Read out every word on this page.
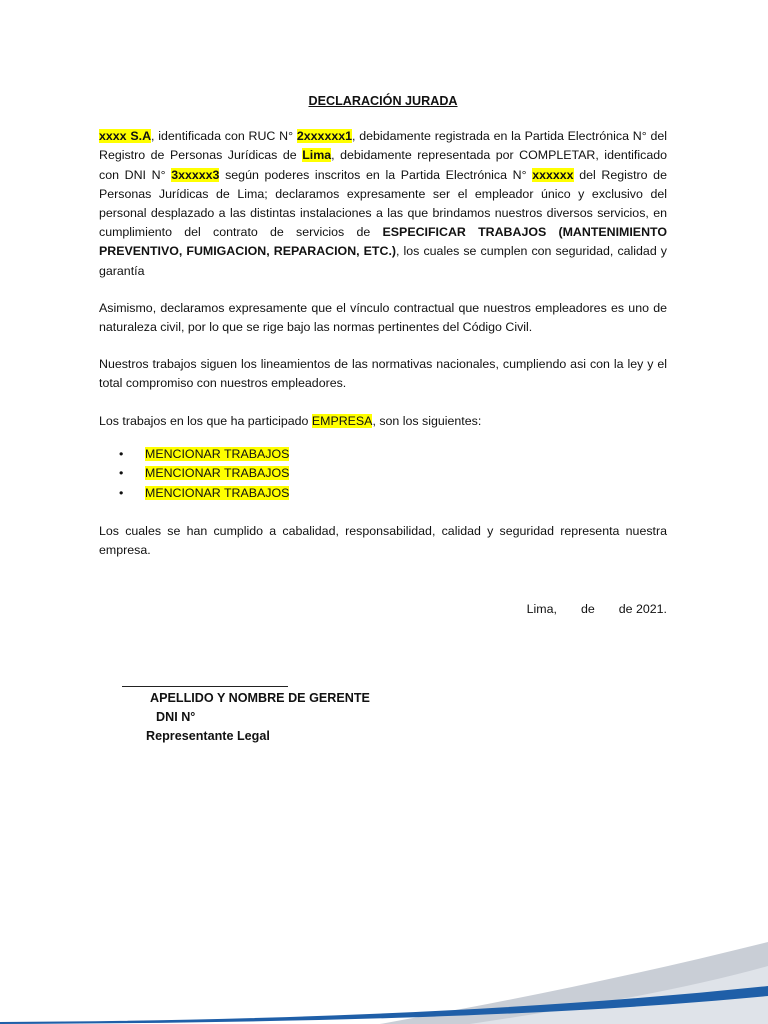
DECLARACIÓN JURADA

xxxx S.A, identificada con RUC N° 2xxxxxx1, debidamente registrada en la Partida Electrónica N° del Registro de Personas Jurídicas de Lima, debidamente representada por COMPLETAR, identificado con DNI N° 3xxxxx3 según poderes inscritos en la Partida Electrónica N° xxxxxx del Registro de Personas Jurídicas de Lima; declaramos expresamente ser el empleador único y exclusivo del personal desplazado a las distintas instalaciones a las que brindamos nuestros diversos servicios, en cumplimiento del contrato de servicios de ESPECIFICAR TRABAJOS (MANTENIMIENTO PREVENTIVO, FUMIGACION, REPARACION, ETC.), los cuales se cumplen con seguridad, calidad y garantía

Asimismo, declaramos expresamente que el vínculo contractual que nuestros empleadores es uno de naturaleza civil, por lo que se rige bajo las normas pertinentes del Código Civil.

Nuestros trabajos siguen los lineamientos de las normativas nacionales, cumpliendo asi con la ley y el total compromiso con nuestros empleadores.

Los trabajos en los que ha participado EMPRESA, son los siguientes:

• MENCIONAR TRABAJOS
• MENCIONAR TRABAJOS
• MENCIONAR TRABAJOS

Los cuales se han cumplido a cabalidad, responsabilidad, calidad y seguridad representa nuestra empresa.

Lima, de de 2021.
APELLIDO Y NOMBRE DE GERENTE
DNI N°
Representante Legal
